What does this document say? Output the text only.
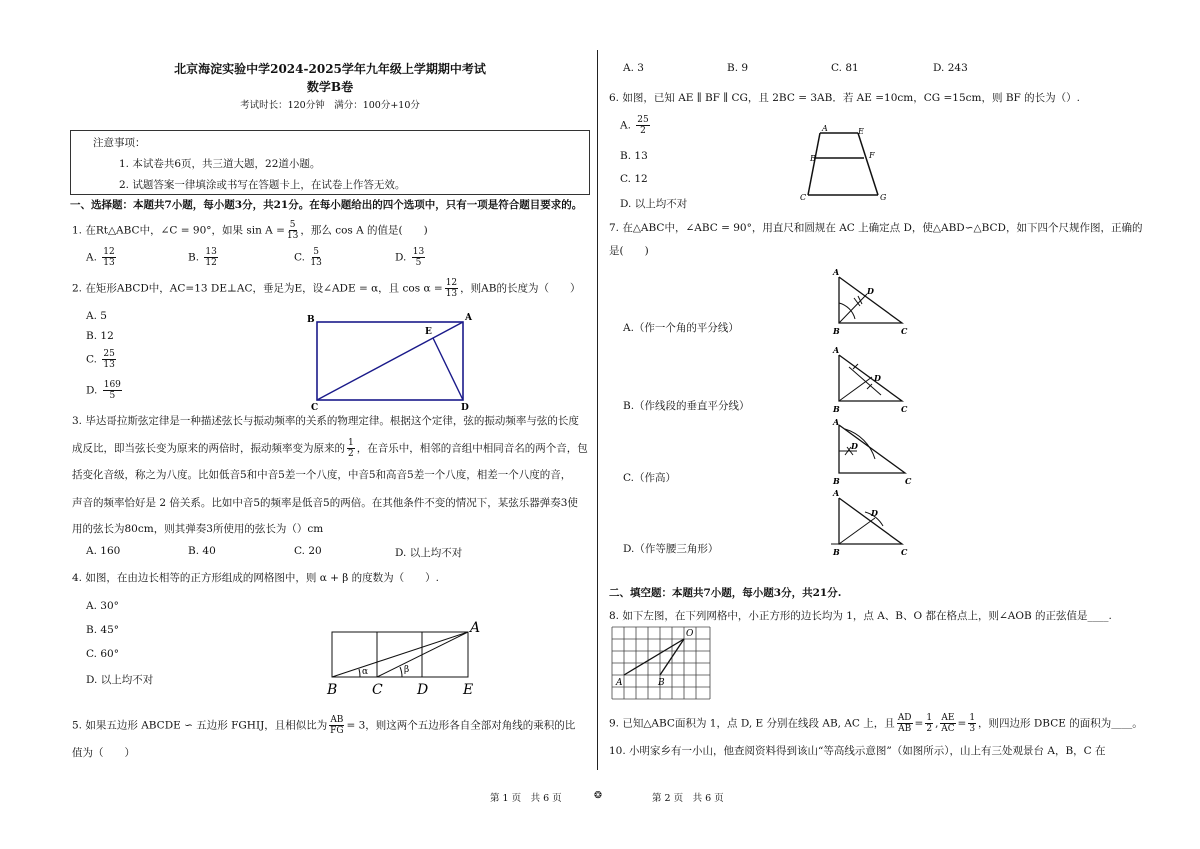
北京海淀实验中学2024-2025学年九年级上学期期中考试
数学B卷
考试时长：120分钟　满分：100分+10分
注意事项：
1. 本试卷共6页，共三道大题，22道小题。
2. 试题答案一律填涂或书写在答题卡上，在试卷上作答无效。
一、选择题：本题共7小题，每小题3分，共21分。在每小题给出的四个选项中，只有一项是符合题目要求的。
1. 在Rt△ABC中，∠C = 90°，如果 $\sin A = \frac{5}{13}$ ，那么 cos A 的值是(　　)
A. $\frac{12}{13}$	B. $\frac{13}{12}$	C. $\frac{5}{13}$	D. $\frac{13}{5}$
2. 在矩形ABCD中，AC=13 DE⊥AC，垂足为E，设∠ADE = α，且 $\cos \alpha = \frac{12}{13}$ ，则AB的长度为（　　）
A. 5
B. 12
C. $\frac{25}{13}$
D. $\frac{169}{5}$
B	A
E
C	D
3. 毕达哥拉斯弦定律是一种描述弦长与振动频率的关系的物理定律。根据这个定律，弦的振动频率与弦的长度
成反比，即当弦长变为原来的两倍时，振动频率变为原来的 $\frac{1}{2}$ ，在音乐中，相邻的音组中相同音名的两个音，包
括变化音级，称之为八度。比如低音5和中音5差一个八度，中音5和高音5差一个八度，相差一个八度的音，
声音的频率恰好是 2 倍关系。比如中音5的频率是低音5的两倍。在其他条件不变的情况下，某弦乐器弹奏3使
用的弦长为80cm，则其弹奏3所使用的弦长为（）cm
A. 160	B. 40	C. 20	D. 以上均不对
4. 如图，在由边长相等的正方形组成的网格图中，则 α + β 的度数为（　　）.
A. 30°
B. 45°
C. 60°
D. 以上均不对
A
B C D E
α	β
5. 如果五边形 ABCDE ∽ 五边形 FGHIJ，且相似比为 $\frac{AB}{FG} = 3$，则这两个五边形各自全部对角线的乘积的比
值为（　　）
A. 3	B. 9	C. 81	D. 243
6. 如图，已知 AE ∥ BF ∥ CG，且 2BC = 3AB．若 AE =10cm，CG =15cm，则 BF 的长为（）.
A. $\frac{25}{2}$
B. 13
C. 12
D. 以上均不对
A	E
B	F
C	G
7. 在△ABC中，∠ABC = 90°，用直尺和圆规在 AC 上确定点 D，使△ABD∽△BCD，如下四个尺规作图，正确的
是(　　)
A.（作一个角的平分线）
B.（作线段的垂直平分线）
C.（作高）
D.（作等腰三角形）
A
B	C
D
A
B	C
D
A
B	C
D
A
B	C
D
二、填空题：本题共7小题，每小题3分，共21分.
8. 如下左图，在下列网格中，小正方形的边长均为 1，点 A、B、O 都在格点上，则∠AOB 的正弦值是____.
O
A	B
9. 已知△ABC面积为 1，点 D, E 分别在线段 AB, AC 上，且 $\frac{AD}{AB} = \frac{1}{2}$ , $\frac{AE}{AC} = \frac{1}{3}$ ，则四边形 DBCE 的面积为____。
10. 小明家乡有一小山，他查阅资料得到该山“等高线示意图”（如图所示），山上有三处观景台 A，B，C 在
第 1 页　共 6 页	❂	第 2 页　共 6 页
